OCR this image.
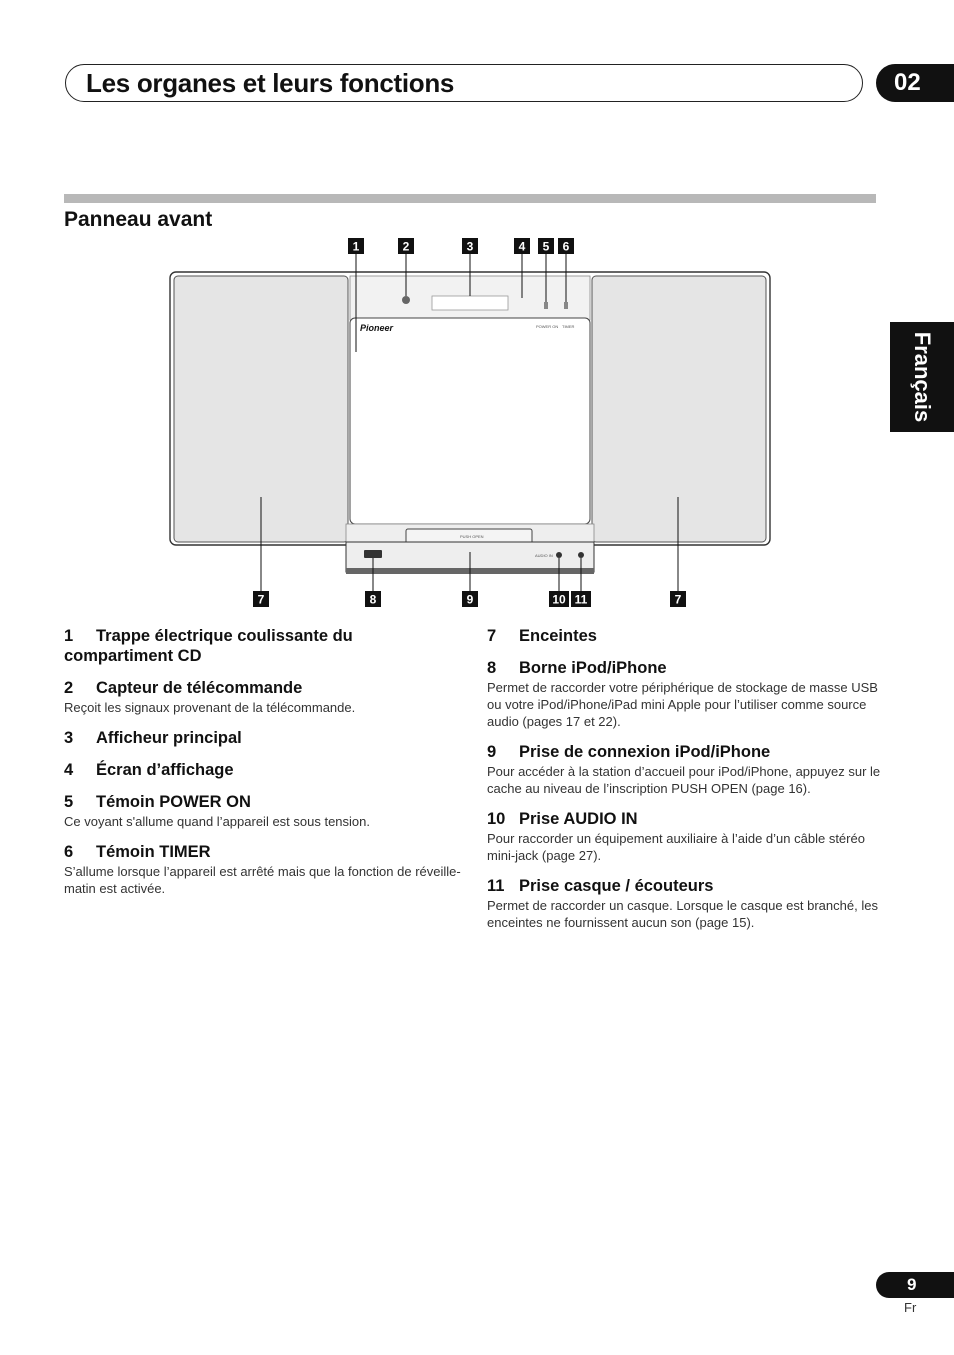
Les organes et leurs fonctions	02
Français
Panneau avant
Pioneer	POWER ON TIMER
PUSH OPEN
AUDIO IN
1	2	3	4 5 6
7	8	9	10 11	7
1 Trappe électrique coulissante du compartiment CD
2 Capteur de télécommande
Reçoit les signaux provenant de la télécommande.
3 Afficheur principal
4 Écran d’affichage
5 Témoin POWER ON
Ce voyant s'allume quand l’appareil est sous tension.
6 Témoin TIMER
S’allume lorsque l’appareil est arrêté mais que la fonction de réveille-matin est activée.
7 Enceintes
8 Borne iPod/iPhone
Permet de raccorder votre périphérique de stockage de masse USB ou votre iPod/iPhone/iPad mini Apple pour l’utiliser comme source audio (pages 17 et 22).
9 Prise de connexion iPod/iPhone
Pour accéder à la station d’accueil pour iPod/iPhone, appuyez sur le cache au niveau de l’inscription PUSH OPEN (page 16).
10 Prise AUDIO IN
Pour raccorder un équipement auxiliaire à l’aide d’un câble stéréo mini-jack (page 27).
11 Prise casque / écouteurs
Permet de raccorder un casque. Lorsque le casque est branché, les enceintes ne fournissent aucun son (page 15).
9
Fr
